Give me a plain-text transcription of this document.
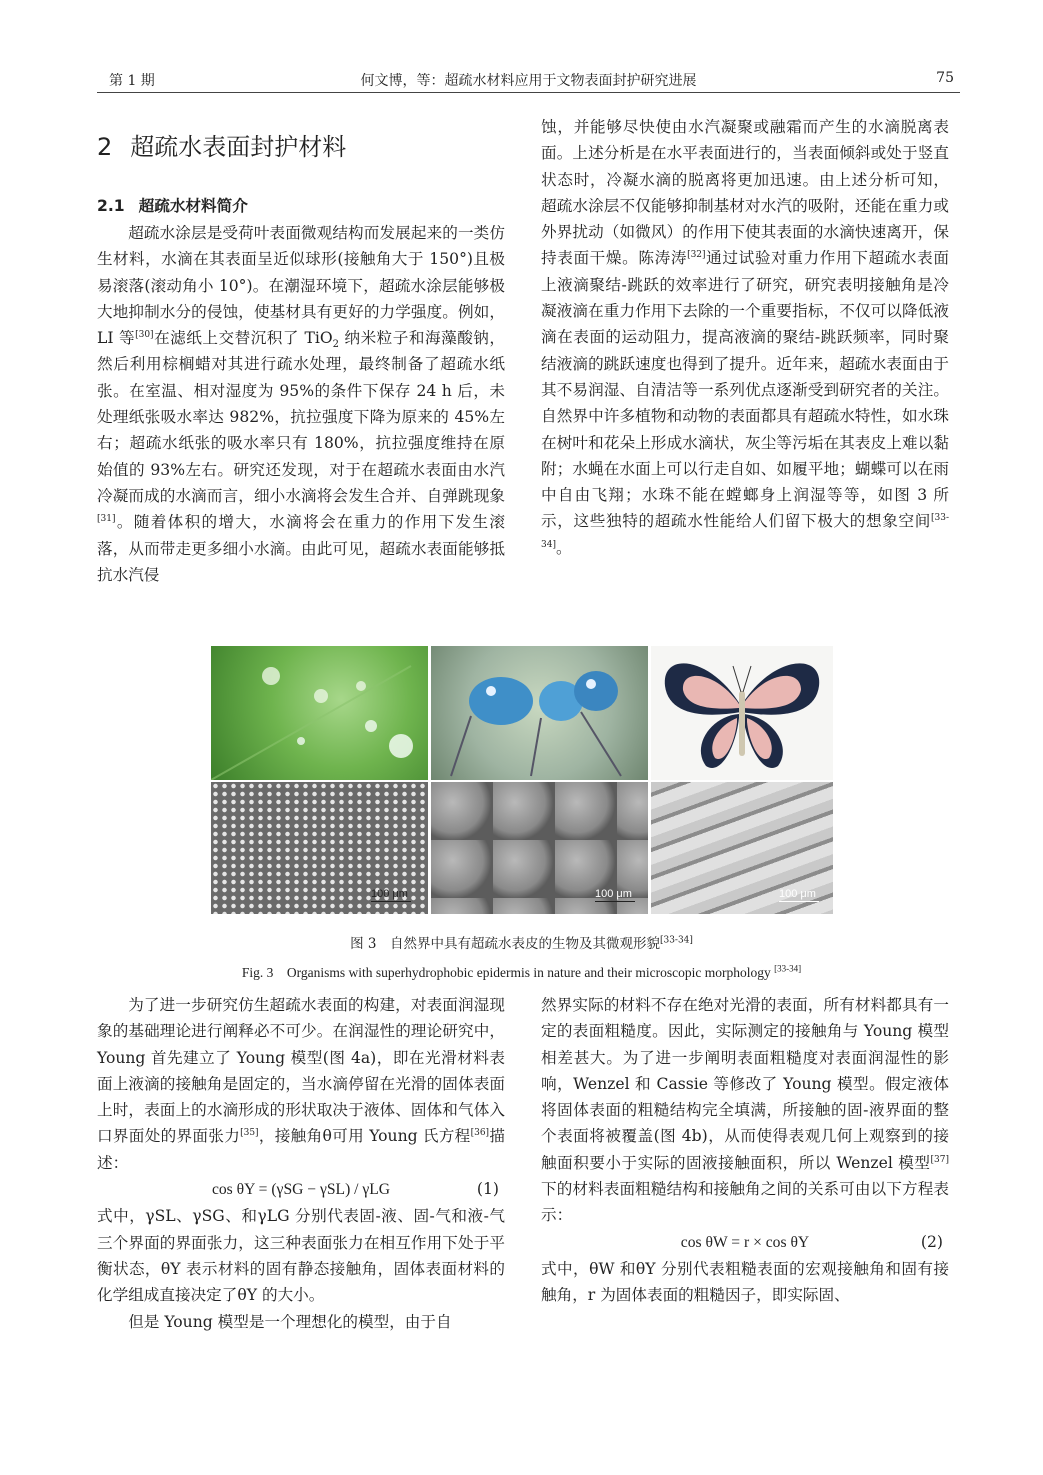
第 1 期	何文博，等：超疏水材料应用于文物表面封护研究进展	75
2 超疏水表面封护材料
2.1 超疏水材料简介

超疏水涂层是受荷叶表面微观结构而发展起来的一类仿生材料，水滴在其表面呈近似球形(接触角大于 150°)且极易滚落(滚动角小 10°)。在潮湿环境下，超疏水涂层能够极大地抑制水分的侵蚀，使基材具有更好的力学强度。例如，LI 等[30]在滤纸上交替沉积了 TiO$_2$ 纳米粒子和海藻酸钠，然后利用棕榈蜡对其进行疏水处理，最终制备了超疏水纸张。在室温、相对湿度为 95%的条件下保存 24 h 后，未处理纸张吸水率达 982%，抗拉强度下降为原来的 45%左右；超疏水纸张的吸水率只有 180%，抗拉强度维持在原始值的 93%左右。研究还发现，对于在超疏水表面由水汽冷凝而成的水滴而言，细小水滴将会发生合并、自弹跳现象[31]。随着体积的增大，水滴将会在重力的作用下发生滚落，从而带走更多细小水滴。由此可见，超疏水表面能够抵抗水汽侵

蚀，并能够尽快使由水汽凝聚或融霜而产生的水滴脱离表面。上述分析是在水平表面进行的，当表面倾斜或处于竖直状态时，冷凝水滴的脱离将更加迅速。由上述分析可知， 超疏水涂层不仅能够抑制基材对水汽的吸附，还能在重力或外界扰动（如微风）的作用下使其表面的水滴快速离开，保持表面干燥。陈涛涛[32]通过试验对重力作用下超疏水表面上液滴聚结-跳跃的效率进行了研究，研究表明接触角是冷凝液滴在重力作用下去除的一个重要指标，不仅可以降低液滴在表面的运动阻力，提高液滴的聚结-跳跃频率，同时聚结液滴的跳跃速度也得到了提升。近年来，超疏水表面由于其不易润湿、自清洁等一系列优点逐渐受到研究者的关注。自然界中许多植物和动物的表面都具有超疏水特性，如水珠在树叶和花朵上形成水滴状，灰尘等污垢在其表皮上难以黏附；水蝇在水面上可以行走自如、如履平地；蝴蝶可以在雨中自由飞翔；水珠不能在螳螂身上润湿等等，如图 3 所示，这些独特的超疏水性能给人们留下极大的想象空间[33-34]。

100 μm	100 μm	100 μm

图 3　自然界中具有超疏水表皮的生物及其微观形貌[33-34]

Fig. 3　Organisms with superhydrophobic epidermis in nature and their microscopic morphology [33-34]

为了进一步研究仿生超疏水表面的构建，对表面润湿现象的基础理论进行阐释必不可少。在润湿性的理论研究中，Young 首先建立了 Young 模型(图 4a)，即在光滑材料表面上液滴的接触角是固定的，当水滴停留在光滑的固体表面上时，表面上的水滴形成的形状取决于液体、固体和气体入口界面处的界面张力[35]，接触角θ可用 Young 氏方程[36]描述：

cos θY = (γSG − γSL) / γLG	(1)

式中，γSL、γSG、和γLG 分别代表固-液、固-气和液-气三个界面的界面张力，这三种表面张力在相互作用下处于平衡状态，θY 表示材料的固有静态接触角，固体表面材料的化学组成直接决定了θY 的大小。

但是 Young 模型是一个理想化的模型，由于自

然界实际的材料不存在绝对光滑的表面，所有材料都具有一定的表面粗糙度。因此，实际测定的接触角与 Young 模型相差甚大。为了进一步阐明表面粗糙度对表面润湿性的影响，Wenzel 和 Cassie 等修改了 Young 模型。假定液体将固体表面的粗糙结构完全填满，所接触的固-液界面的整个表面将被覆盖(图 4b)，从而使得表观几何上观察到的接触面积要小于实际的固液接触面积，所以 Wenzel 模型[37]下的材料表面粗糙结构和接触角之间的关系可由以下方程表示：

cos θW = r × cos θY	(2)

式中，θW 和θY 分别代表粗糙表面的宏观接触角和固有接触角，r 为固体表面的粗糙因子，即实际固、
